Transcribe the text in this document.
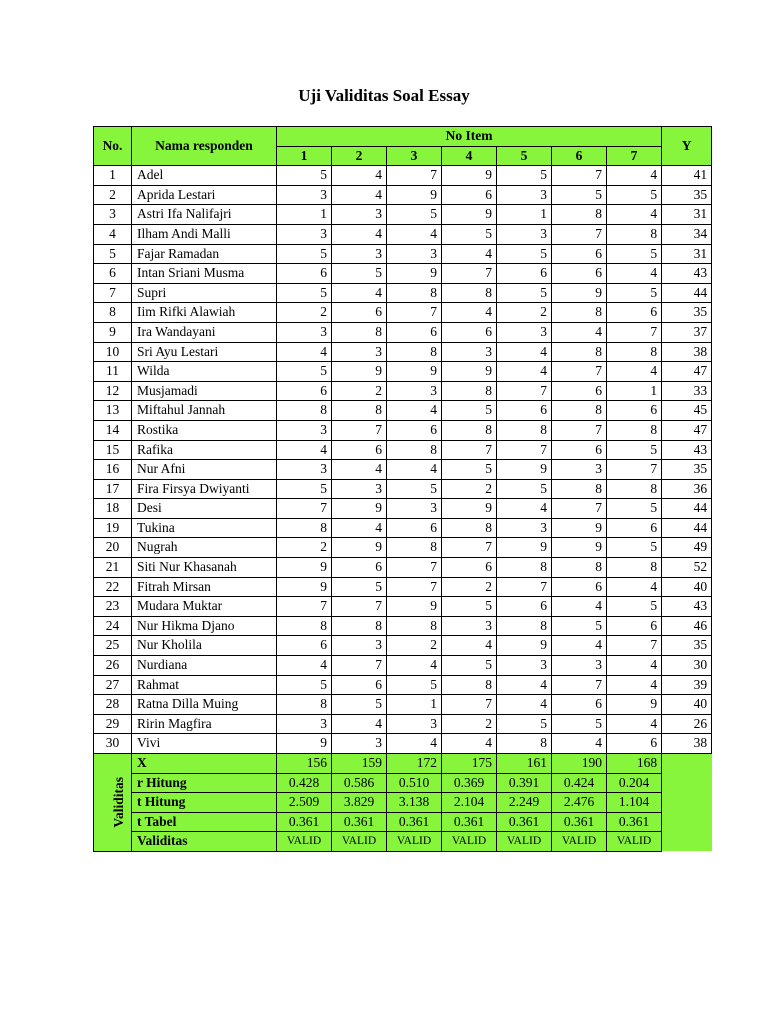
Uji Validitas Soal Essay
No.	Nama responden	No Item							Y
		1	2	3	4	5	6	7	
1	Adel	5	4	7	9	5	7	4	41
2	Aprida Lestari	3	4	9	6	3	5	5	35
3	Astri Ifa Nalifajri	1	3	5	9	1	8	4	31
4	Ilham Andi Malli	3	4	4	5	3	7	8	34
5	Fajar Ramadan	5	3	3	4	5	6	5	31
6	Intan Sriani Musma	6	5	9	7	6	6	4	43
7	Supri	5	4	8	8	5	9	5	44
8	Iim Rifki Alawiah	2	6	7	4	2	8	6	35
9	Ira Wandayani	3	8	6	6	3	4	7	37
10	Sri Ayu Lestari	4	3	8	3	4	8	8	38
11	Wilda	5	9	9	9	4	7	4	47
12	Musjamadi	6	2	3	8	7	6	1	33
13	Miftahul Jannah	8	8	4	5	6	8	6	45
14	Rostika	3	7	6	8	8	7	8	47
15	Rafika	4	6	8	7	7	6	5	43
16	Nur Afni	3	4	4	5	9	3	7	35
17	Fira Firsya Dwiyanti	5	3	5	2	5	8	8	36
18	Desi	7	9	3	9	4	7	5	44
19	Tukina	8	4	6	8	3	9	6	44
20	Nugrah	2	9	8	7	9	9	5	49
21	Siti Nur Khasanah	9	6	7	6	8	8	8	52
22	Fitrah Mirsan	9	5	7	2	7	6	4	40
23	Mudara Muktar	7	7	9	5	6	4	5	43
24	Nur Hikma Djano	8	8	8	3	8	5	6	46
25	Nur Kholila	6	3	2	4	9	4	7	35
26	Nurdiana	4	7	4	5	3	3	4	30
27	Rahmat	5	6	5	8	4	7	4	39
28	Ratna Dilla Muing	8	5	1	7	4	6	9	40
29	Ririn Magfira	3	4	3	2	5	5	4	26
30	Vivi	9	3	4	4	8	4	6	38
Validitas	X	156	159	172	175	161	190	168	
	r Hitung	0.428	0.586	0.510	0.369	0.391	0.424	0.204	
	t Hitung	2.509	3.829	3.138	2.104	2.249	2.476	1.104	
	t Tabel	0.361	0.361	0.361	0.361	0.361	0.361	0.361	
	Validitas	VALID	VALID	VALID	VALID	VALID	VALID	VALID	
